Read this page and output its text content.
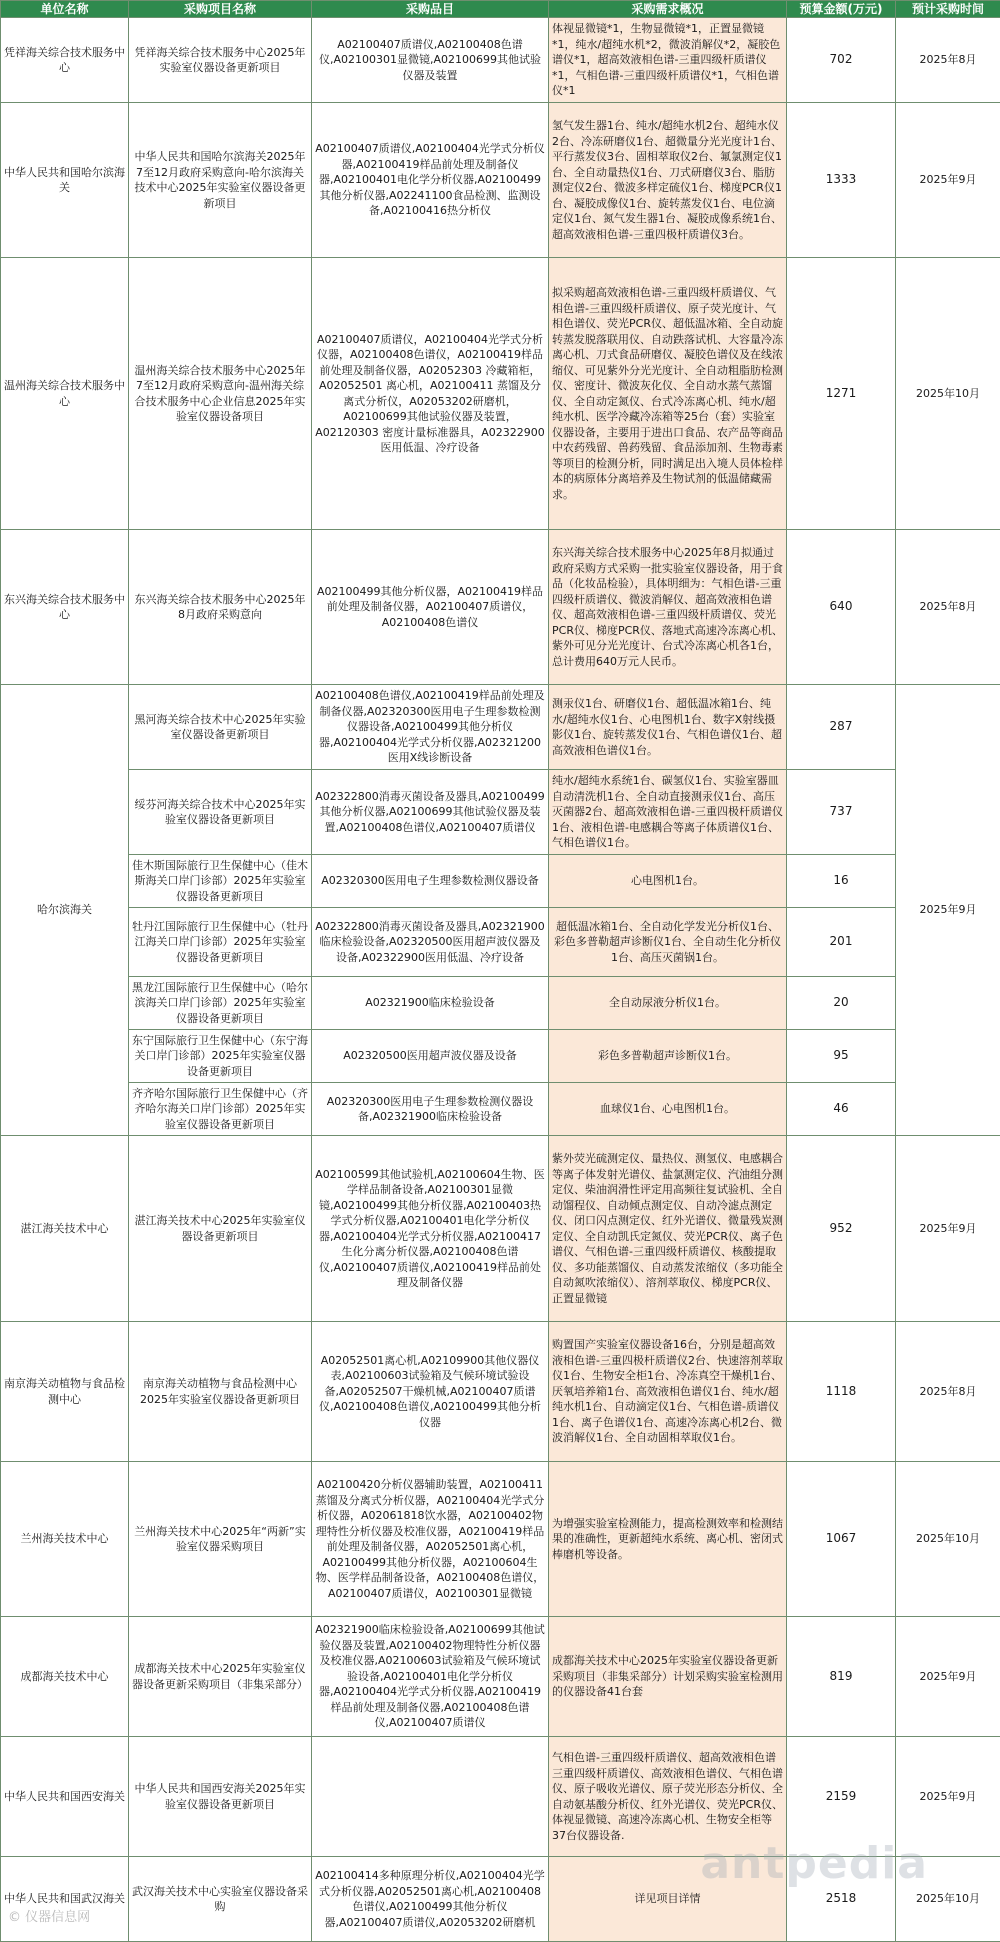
单位名称	采购项目名称	采购品目	采购需求概况	预算金额(万元)	预计采购时间
凭祥海关综合技术服务中心	凭祥海关综合技术服务中心2025年实验室仪器设备更新项目	A02100407质谱仪,A02100408色谱仪,A02100301显微镜,A02100699其他试验仪器及装置	体视显微镜*1，生物显微镜*1，正置显微镜*1，纯水/超纯水机*2，微波消解仪*2，凝胶色谱仪*1，超高效液相色谱-三重四级杆质谱仪*1，气相色谱-三重四级杆质谱仪*1，气相色谱仪*1	702	2025年8月
中华人民共和国哈尔滨海关	中华人民共和国哈尔滨海关2025年7至12月政府采购意向-哈尔滨海关技术中心2025年实验室仪器设备更新项目	A02100407质谱仪,A02100404光学式分析仪器,A02100419样品前处理及制备仪器,A02100401电化学分析仪器,A02100499其他分析仪器,A02241100食品检测、监测设备,A02100416热分析仪	氢气发生器1台、纯水/超纯水机2台、超纯水仪2台、冷冻研磨仪1台、超微量分光光度计1台、平行蒸发仪3台、固相萃取仪2台、氟氯测定仪1台、全自动量热仪1台、刀式研磨仪3台、脂肪测定仪2台、微波多样定硫仪1台、梯度PCR仪1台、凝胶成像仪1台、旋转蒸发仪1台、电位滴定仪1台、氮气发生器1台、凝胶成像系统1台、超高效液相色谱-三重四极杆质谱仪3台。	1333	2025年9月
温州海关综合技术服务中心	温州海关综合技术服务中心2025年7至12月政府采购意向-温州海关综合技术服务中心企业信息2025年实验室仪器设备项目	A02100407质谱仪，A02100404光学式分析仪器，A02100408色谱仪，A02100419样品前处理及制备仪器，A02052303 冷藏箱柜，A02052501 离心机，A02100411 蒸馏及分离式分析仪，A02053202研磨机，A02100699其他试验仪器及装置，A02120303 密度计量标准器具，A02322900医用低温、冷疗设备	拟采购超高效液相色谱-三重四级杆质谱仪、气相色谱-三重四级杆质谱仪、原子荧光度计、气相色谱仪、荧光PCR仪、超低温冰箱、全自动旋转蒸发脱落联用仪、自动跌落试机、大容量冷冻离心机、刀式食品研磨仪、凝胶色谱仪及在线浓缩仪、可见紫外分光光度计、全自动粗脂肪检测仪、密度计、微波灰化仪、全自动水蒸气蒸馏仪、全自动定氮仪、台式冷冻离心机、纯水/超纯水机、医学冷藏冷冻箱等25台（套）实验室仪器设备，主要用于进出口食品、农产品等商品中农药残留、兽药残留、食品添加剂、生物毒素等项目的检测分析，同时满足出入境人员体检样本的病原体分离培养及生物试剂的低温储藏需求。	1271	2025年10月
东兴海关综合技术服务中心	东兴海关综合技术服务中心2025年8月政府采购意向	A02100499其他分析仪器，A02100419样品前处理及制备仪器，A02100407质谱仪，A02100408色谱仪	东兴海关综合技术服务中心2025年8月拟通过政府采购方式采购一批实验室仪器设备，用于食品（化妆品检验），具体明细为：气相色谱-三重四级杆质谱仪、微波消解仪、超高效液相色谱仪、超高效液相色谱-三重四级杆质谱仪、荧光PCR仪、梯度PCR仪、落地式高速冷冻离心机、紫外可见分光光度计、台式冷冻离心机各1台，总计费用640万元人民币。	640	2025年8月
哈尔滨海关	黑河海关综合技术中心2025年实验室仪器设备更新项目	A02100408色谱仪,A02100419样品前处理及制备仪器,A02320300医用电子生理参数检测仪器设备,A02100499其他分析仪器,A02100404光学式分析仪器,A02321200医用X线诊断设备	测汞仪1台、研磨仪1台、超低温冰箱1台、纯水/超纯水仪1台、心电图机1台、数字X射线摄影仪1台、旋转蒸发仪1台、气相色谱仪1台、超高效液相色谱仪1台。	287	2025年9月
	绥芬河海关综合技术中心2025年实验室仪器设备更新项目	A02322800消毒灭菌设备及器具,A02100499其他分析仪器,A02100699其他试验仪器及装置,A02100408色谱仪,A02100407质谱仪	纯水/超纯水系统1台、碳氢仪1台、实验室器皿自动清洗机1台、全自动直接测汞仪1台、高压灭菌器2台、超高效液相色谱-三重四极杆质谱仪1台、液相色谱-电感耦合等离子体质谱仪1台、气相色谱仪1台。	737	
	佳木斯国际旅行卫生保健中心（佳木斯海关口岸门诊部）2025年实验室仪器设备更新项目	A02320300医用电子生理参数检测仪器设备	心电图机1台。	16	
	牡丹江国际旅行卫生保健中心（牡丹江海关口岸门诊部）2025年实验室仪器设备更新项目	A02322800消毒灭菌设备及器具,A02321900临床检验设备,A02320500医用超声波仪器及设备,A02322900医用低温、冷疗设备	超低温冰箱1台、全自动化学发光分析仪1台、彩色多普勒超声诊断仪1台、全自动生化分析仪1台、高压灭菌锅1台。	201	
	黑龙江国际旅行卫生保健中心（哈尔滨海关口岸门诊部）2025年实验室仪器设备更新项目	A02321900临床检验设备	全自动尿液分析仪1台。	20	
	东宁国际旅行卫生保健中心（东宁海关口岸门诊部）2025年实验室仪器设备更新项目	A02320500医用超声波仪器及设备	彩色多普勒超声诊断仪1台。	95	
	齐齐哈尔国际旅行卫生保健中心（齐齐哈尔海关口岸门诊部）2025年实验室仪器设备更新项目	A02320300医用电子生理参数检测仪器设备,A02321900临床检验设备	血球仪1台、心电图机1台。	46	
湛江海关技术中心	湛江海关技术中心2025年实验室仪器设备更新项目	A02100599其他试验机,A02100604生物、医学样品制备设备,A02100301显微镜,A02100499其他分析仪器,A02100403热学式分析仪器,A02100401电化学分析仪器,A02100404光学式分析仪器,A02100417生化分离分析仪器,A02100408色谱仪,A02100407质谱仪,A02100419样品前处理及制备仪器	紫外荧光硫测定仪、量热仪、测氢仪、电感耦合等离子体发射光谱仪、盐氯测定仪、汽油组分测定仪、柴油润滑性评定用高频往复试验机、全自动馏程仪、自动倾点测定仪、自动冷滤点测定仪、闭口闪点测定仪、红外光谱仪、微量残炭测定仪、全自动凯氏定氮仪、荧光PCR仪、离子色谱仪、气相色谱-三重四级杆质谱仪、核酸提取仪、多功能蒸馏仪、自动蒸发浓缩仪（多功能全自动氮吹浓缩仪）、溶剂萃取仪、梯度PCR仪、正置显微镜	952	2025年9月
南京海关动植物与食品检测中心	南京海关动植物与食品检测中心2025年实验室仪器设备更新项目	A02052501离心机,A02109900其他仪器仪表,A02100603试验箱及气候环境试验设备,A02052507干燥机械,A02100407质谱仪,A02100408色谱仪,A02100499其他分析仪器	购置国产实验室仪器设备16台，分别是超高效液相色谱-三重四极杆质谱仪2台、快速溶剂萃取仪1台、生物安全柜1台、冷冻真空干燥机1台、厌氧培养箱1台、高效液相色谱仪1台、纯水/超纯水机1台、自动滴定仪1台、气相色谱-质谱仪1台、离子色谱仪1台、高速冷冻离心机2台、微波消解仪1台、全自动固相萃取仪1台。	1118	2025年8月
兰州海关技术中心	兰州海关技术中心2025年“两新”实验室仪器采购项目	A02100420分析仪器辅助装置，A02100411蒸馏及分离式分析仪器，A02100404光学式分析仪器，A02061818饮水器，A02100402物理特性分析仪器及校准仪器，A02100419样品前处理及制备仪器，A02052501离心机，A02100499其他分析仪器，A02100604生物、医学样品制备设备，A02100408色谱仪，A02100407质谱仪，A02100301显微镜	为增强实验室检测能力，提高检测效率和检测结果的准确性，更新超纯水系统、离心机、密闭式棒磨机等设备。	1067	2025年10月
成都海关技术中心	成都海关技术中心2025年实验室仪器设备更新采购项目（非集采部分）	A02321900临床检验设备,A02100699其他试验仪器及装置,A02100402物理特性分析仪器及校准仪器,A02100603试验箱及气候环境试验设备,A02100401电化学分析仪器,A02100404光学式分析仪器,A02100419样品前处理及制备仪器,A02100408色谱仪,A02100407质谱仪	成都海关技术中心2025年实验室仪器设备更新采购项目（非集采部分）计划采购实验室检测用的仪器设备41台套	819	2025年9月
中华人民共和国西安海关	中华人民共和国西安海关2025年实验室仪器设备更新项目		气相色谱-三重四级杆质谱仪、超高效液相色谱三重四级杆质谱仪、高效液相色谱仪、气相色谱仪、原子吸收光谱仪、原子荧光形态分析仪、全自动氨基酸分析仪、红外光谱仪、荧光PCR仪、体视显微镜、高速冷冻离心机、生物安全柜等37台仪器设备.	2159	2025年9月
中华人民共和国武汉海关	武汉海关技术中心实验室仪器设备采购	A02100414多种原理分析仪,A02100404光学式分析仪器,A02052501离心机,A02100408色谱仪,A02100499其他分析仪器,A02100407质谱仪,A02053202研磨机	详见项目详情	2518	2025年10月
© 仪器信息网
antpedia
